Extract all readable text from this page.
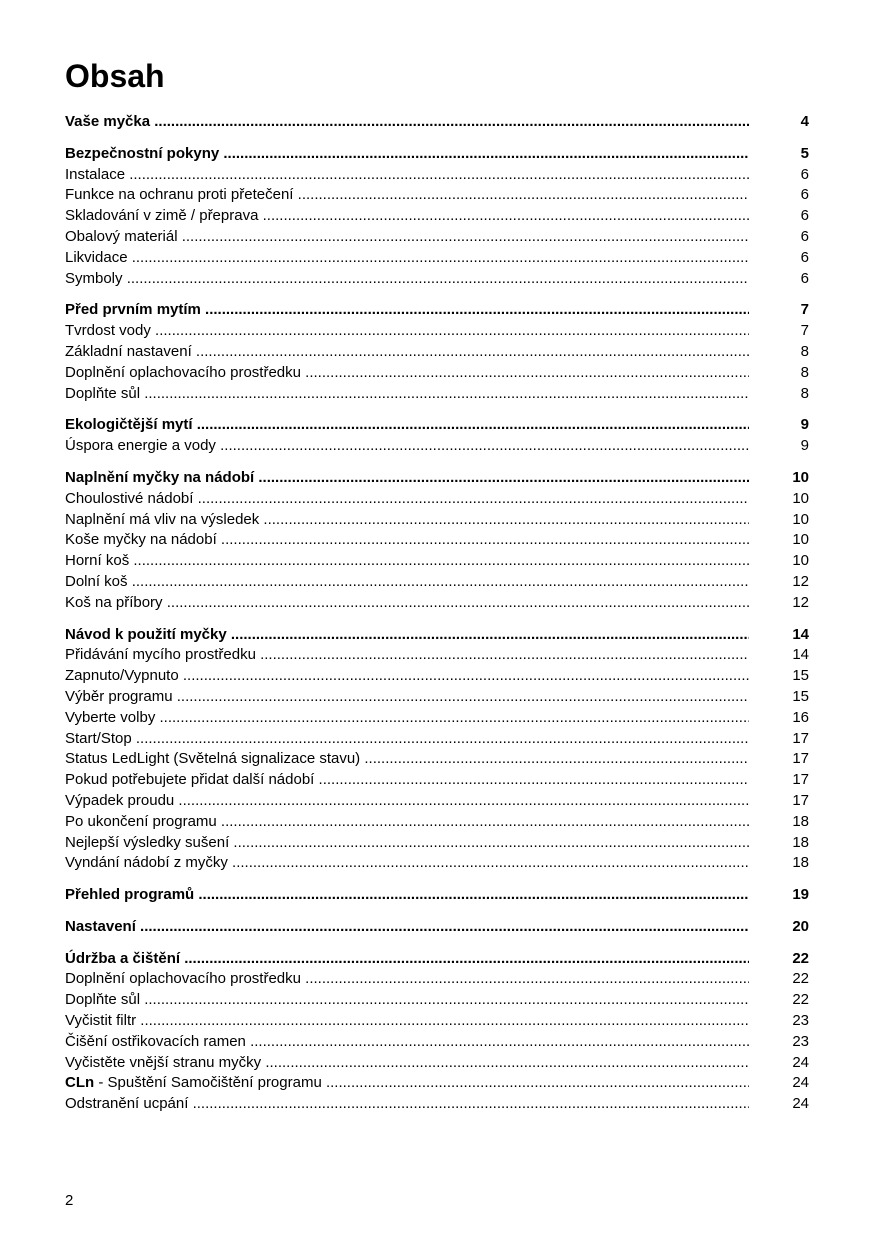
Obsah
Vaše myčka .....	4
Bezpečnostní pokyny .....	5
Instalace .....	6
Funkce na ochranu proti přetečení .....	6
Skladování v zimě / přeprava .....	6
Obalový materiál .....	6
Likvidace .....	6
Symboly .....	6
Před prvním mytím .....	7
Tvrdost vody .....	7
Základní nastavení .....	8
Doplnění oplachovacího prostředku .....	8
Doplňte sůl .....	8
Ekologičtější mytí .....	9
Úspora energie a vody .....	9
Naplnění myčky na nádobí .....	10
Choulostivé nádobí .....	10
Naplnění má vliv na výsledek .....	10
Koše myčky na nádobí .....	10
Horní koš .....	10
Dolní koš .....	12
Koš na příbory .....	12
Návod k použití myčky .....	14
Přidávání mycího prostředku .....	14
Zapnuto/Vypnuto .....	15
Výběr programu .....	15
Vyberte volby .....	16
Start/Stop .....	17
Status LedLight (Světelná signalizace stavu) .....	17
Pokud potřebujete přidat další nádobí .....	17
Výpadek proudu .....	17
Po ukončení programu .....	18
Nejlepší výsledky sušení .....	18
Vyndání nádobí z myčky .....	18
Přehled programů .....	19
Nastavení .....	20
Údržba a čištění .....	22
Doplnění oplachovacího prostředku .....	22
Doplňte sůl .....	22
Vyčistit filtr .....	23
Čišění ostřikovacích ramen .....	23
Vyčistěte vnější stranu myčky .....	24
CLn - Spuštění Samočištění programu .....	24
Odstranění ucpání .....	24
2
